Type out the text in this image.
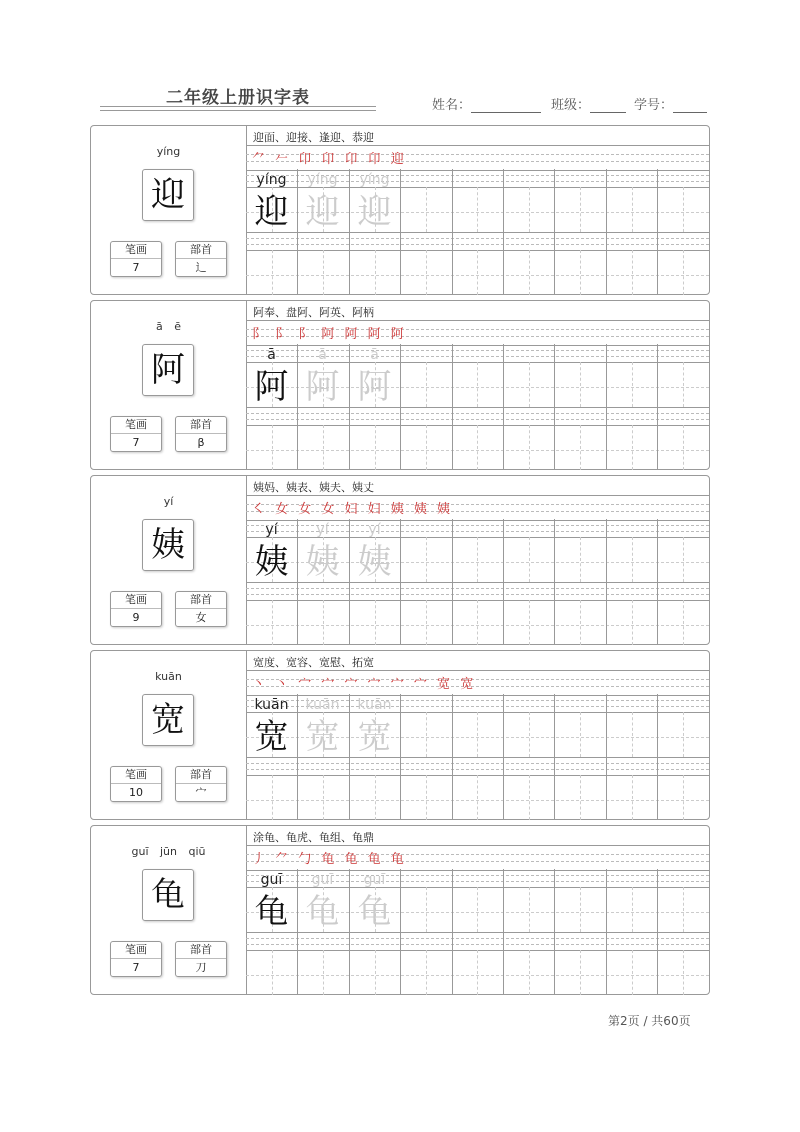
二年级上册识字表	姓名：	班级：	学号：
yíng
迎
笔画
7
部首
辶
迎面、迎接、逢迎、恭迎
⺈ 𠂉 卬 卬 卬 卬 迎
yíng
迎
yíng
迎
yíng
迎
ā ē
阿
笔画
7
部首
β
阿奉、盘阿、阿英、阿柄
阝 阝 阝 阿 阿 阿 阿
ā
阿
ā
阿
ā
阿
yí
姨
笔画
9
部首
女
姨妈、姨表、姨夫、姨丈
㇛ 女 女 女 妇 妇 姨 姨 姨
yí
姨
yí
姨
yí
姨
kuān
宽
笔画
10
部首
宀
宽度、宽容、宽慰、拓宽
丶 丶 宀 宀 宀 宀 宀 宀 宽 宽
kuān
宽
kuān
宽
kuān
宽
guī jūn qiū
龟
笔画
7
部首
刀
涂龟、龟虎、龟组、龟鼎
丿 ⺈ 勹 龟 龟 龟 龟
guī
龟
guī
龟
guī
龟
第2页 / 共60页
